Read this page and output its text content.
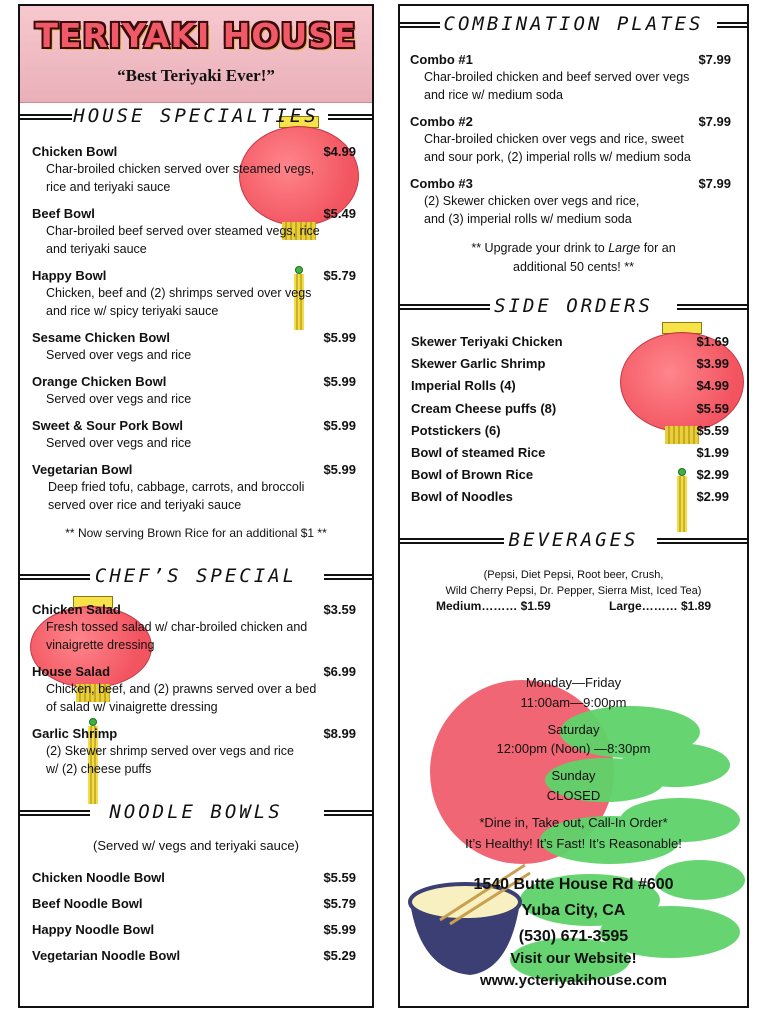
TERIYAKI HOUSE
“Best Teriyaki Ever!”
HOUSE SPECIALTIES
Chicken Bowl	$4.99
Char-broiled chicken served over steamed vegs,
rice and teriyaki sauce
Beef Bowl	$5.49
Char-broiled beef served over steamed vegs, rice
and teriyaki sauce
Happy Bowl	$5.79
Chicken, beef and (2) shrimps served over vegs
and rice w/ spicy teriyaki sauce
Sesame Chicken Bowl	$5.99
Served over vegs and rice
Orange Chicken Bowl	$5.99
Served over vegs and rice
Sweet & Sour Pork Bowl	$5.99
Served over vegs and rice
Vegetarian Bowl	$5.99
Deep fried tofu, cabbage, carrots, and broccoli
served over rice and teriyaki sauce
** Now serving Brown Rice for an additional $1 **
CHEF’S SPECIAL
Chicken Salad	$3.59
Fresh tossed salad w/ char-broiled chicken and
vinaigrette dressing
House Salad	$6.99
Chicken, beef, and (2) prawns served over a bed
of salad w/ vinaigrette dressing
Garlic Shrimp	$8.99
(2) Skewer shrimp served over vegs and rice
w/ (2) cheese puffs
NOODLE BOWLS
(Served w/ vegs and teriyaki sauce)
Chicken Noodle Bowl	$5.59
Beef Noodle Bowl	$5.79
Happy Noodle Bowl	$5.99
Vegetarian Noodle Bowl	$5.29
COMBINATION PLATES
Combo #1	$7.99
Char-broiled chicken and beef served over vegs
and rice w/ medium soda
Combo #2	$7.99
Char-broiled chicken over vegs and rice, sweet
and sour pork, (2) imperial rolls w/ medium soda
Combo #3	$7.99
(2) Skewer chicken over vegs and rice,
and (3) imperial rolls w/ medium soda
** Upgrade your drink to Large for an
additional 50 cents! **
SIDE ORDERS
Skewer Teriyaki Chicken	$1.69
Skewer Garlic Shrimp	$3.99
Imperial Rolls (4)	$4.99
Cream Cheese puffs (8)	$5.59
Potstickers (6)	$5.59
Bowl of steamed Rice	$1.99
Bowl of Brown Rice	$2.99
Bowl of Noodles	$2.99
BEVERAGES
(Pepsi, Diet Pepsi, Root beer, Crush,
Wild Cherry Pepsi, Dr. Pepper, Sierra Mist, Iced Tea)
Medium……… $1.59	Large……… $1.89
Monday—Friday
11:00am—9:00pm
Saturday
12:00pm (Noon) —8:30pm
Sunday
CLOSED
*Dine in, Take out, Call-In Order*
It’s Healthy! It’s Fast! It’s Reasonable!
1540 Butte House Rd #600
Yuba City, CA
(530) 671-3595
Visit our Website!
www.ycteriyakihouse.com
